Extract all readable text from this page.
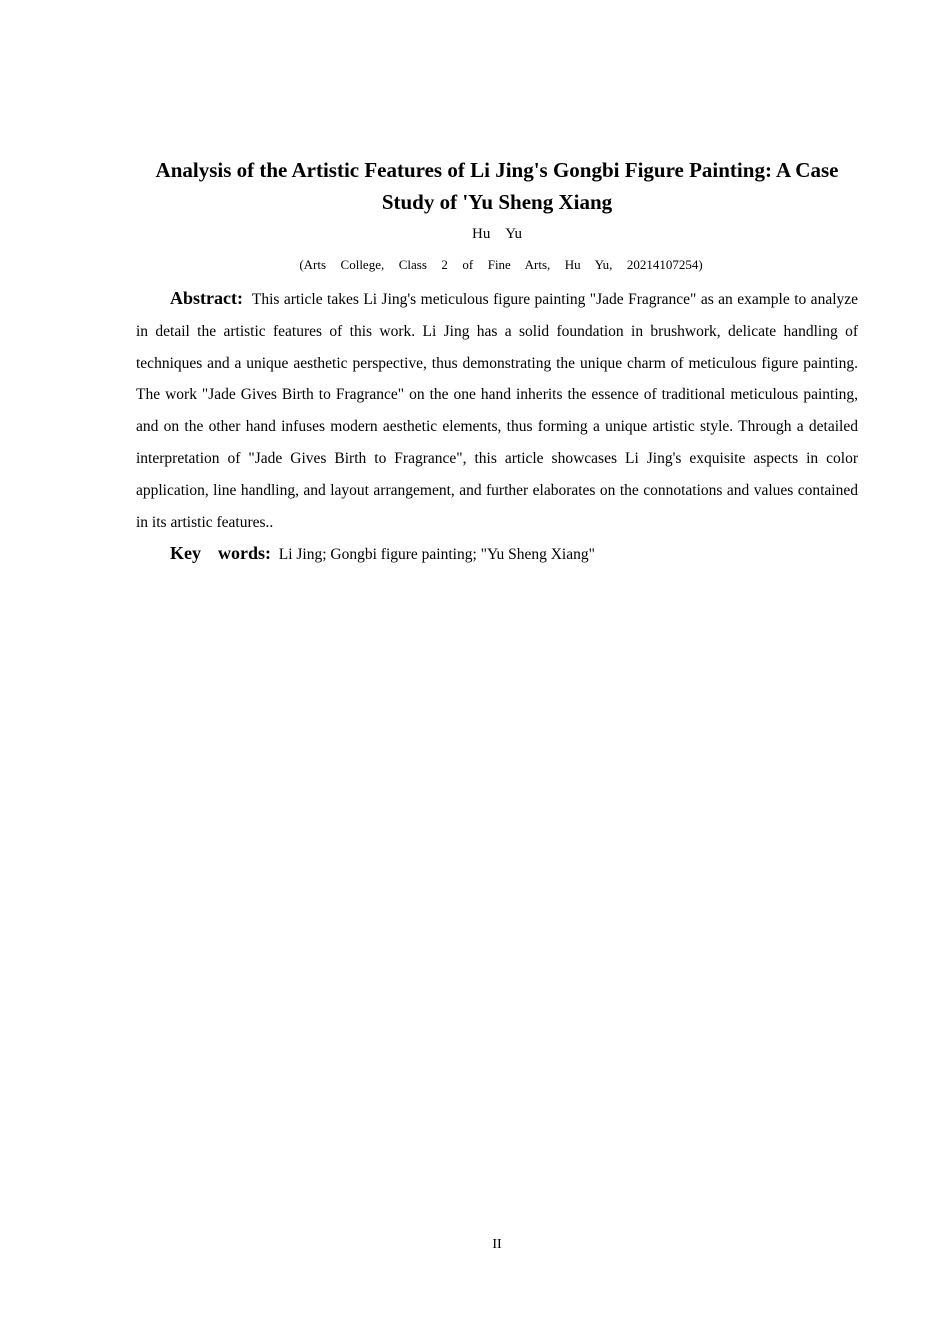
Analysis of the Artistic Features of Li Jing's Gongbi Figure Painting: A Case Study of 'Yu Sheng Xiang
Hu  Yu
(Arts  College,  Class  2  of  Fine  Arts,  Hu  Yu,  20214107254)

Abstract: This article takes Li Jing's meticulous figure painting "Jade Fragrance" as an example to analyze in detail the artistic features of this work. Li Jing has a solid foundation in brushwork, delicate handling of techniques and a unique aesthetic perspective, thus demonstrating the unique charm of meticulous figure painting. The work "Jade Gives Birth to Fragrance" on the one hand inherits the essence of traditional meticulous painting, and on the other hand infuses modern aesthetic elements, thus forming a unique artistic style. Through a detailed interpretation of "Jade Gives Birth to Fragrance", this article showcases Li Jing's exquisite aspects in color application, line handling, and layout arrangement, and further elaborates on the connotations and values contained in its artistic features..

Key  words: Li Jing; Gongbi figure painting; "Yu Sheng Xiang"

II
